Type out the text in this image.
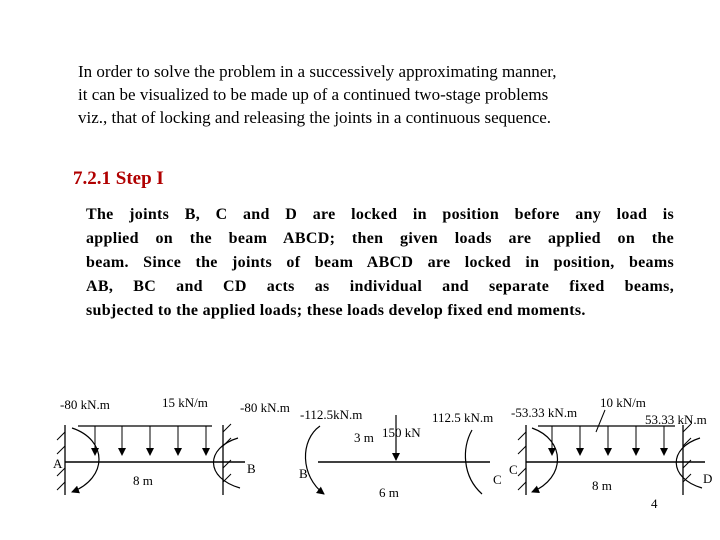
In order to solve the problem in a successively approximating manner,
it can be visualized to be made up of a continued two-stage problems
viz., that of locking and releasing the joints in a continuous sequence.
7.2.1 Step I
The joints B, C and D are locked in position before any load is
applied on the beam ABCD; then given loads are applied on the
beam. Since the joints of beam ABCD are locked in position, beams
AB, BC and CD acts as individual and separate fixed beams,
subjected to the applied loads; these loads develop fixed end moments.
-80 kN.m	15 kN/m -80 kN.m
A	B
8 m
-112.5kN.m
3 m 150 kN
112.5 kN.m
B	C
6 m
-53.33 kN.m
10 kN/m
53.33 kN.m
C
D
8 m
4
